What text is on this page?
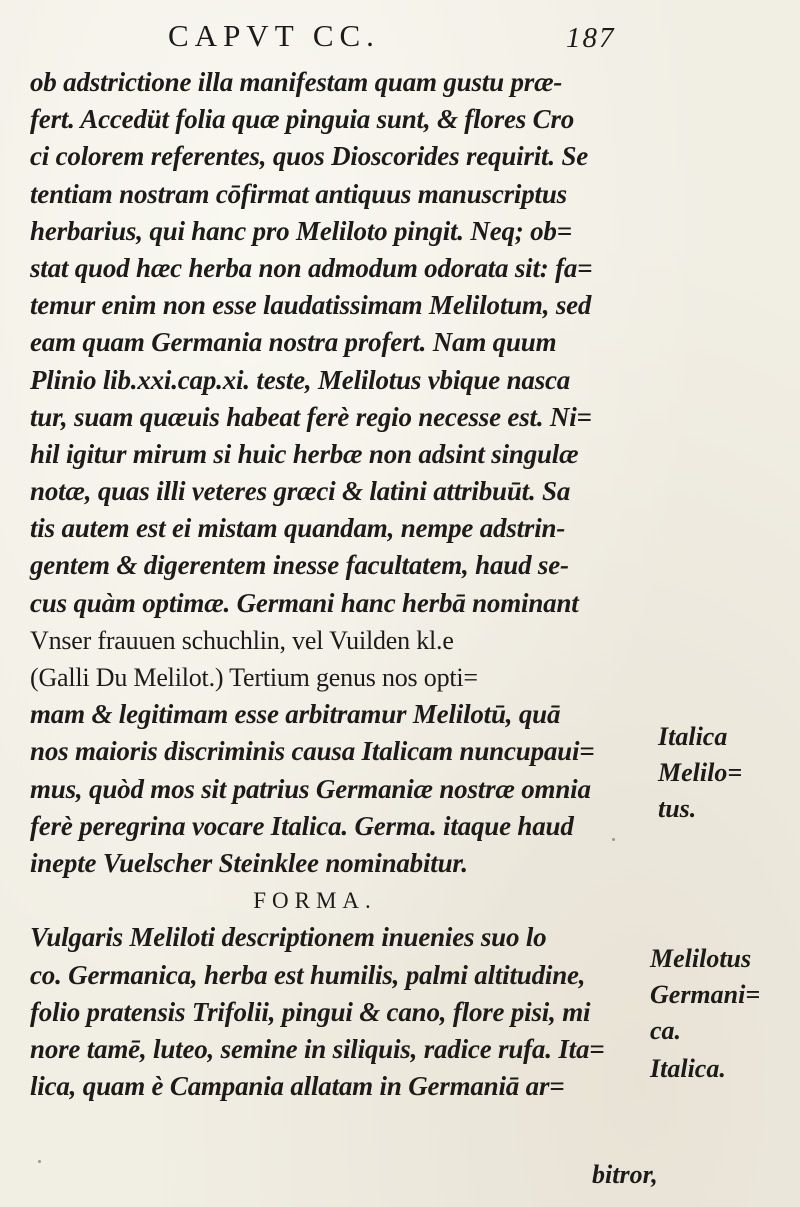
CAPVT CC.	187
ob adstrictione illa manifestam quam gustu præ-
fert. Accedüt folia quæ pinguia sunt, & flores Cro
ci colorem referentes, quos Dioscorides requirit. Se
tentiam nostram cōfirmat antiquus manuscriptus
herbarius, qui hanc pro Meliloto pingit. Neq; ob=
stat quod hæc herba non admodum odorata sit: fa=
temur enim non esse laudatissimam Melilotum, sed
eam quam Germania nostra profert. Nam quum
Plinio lib.xxi.cap.xi. teste, Melilotus vbique nasca
tur, suam quæuis habeat ferè regio necesse est. Ni=
hil igitur mirum si huic herbæ non adsint singulæ
notæ, quas illi veteres græci & latini attribuūt. Sa
tis autem est ei mistam quandam, nempe adstrin-
gentem & digerentem inesse facultatem, haud se-
cus quàm optimæ. Germani hanc herbā nominant
Vnser frauuen schuchlin, vel Vuilden kl.e
(Galli Du Melilot.) Tertium genus nos opti=
mam & legitimam esse arbitramur Melilotū, quā
nos maioris discriminis causa Italicam nuncupaui=
mus, quòd mos sit patrius Germaniæ nostræ omnia
ferè peregrina vocare Italica. Germa. itaque haud
inepte Vuelscher Steinklee nominabitur.
FORMA.
Vulgaris Meliloti descriptionem inuenies suo lo
co. Germanica, herba est humilis, palmi altitudine,
folio pratensis Trifolii, pingui & cano, flore pisi, mi
nore tamē, luteo, semine in siliquis, radice rufa. Ita=
lica, quam è Campania allatam in Germaniā ar=
Italica
Melilo=
tus.
Melilotus
Germani=
ca.
Italica.
bitror,
